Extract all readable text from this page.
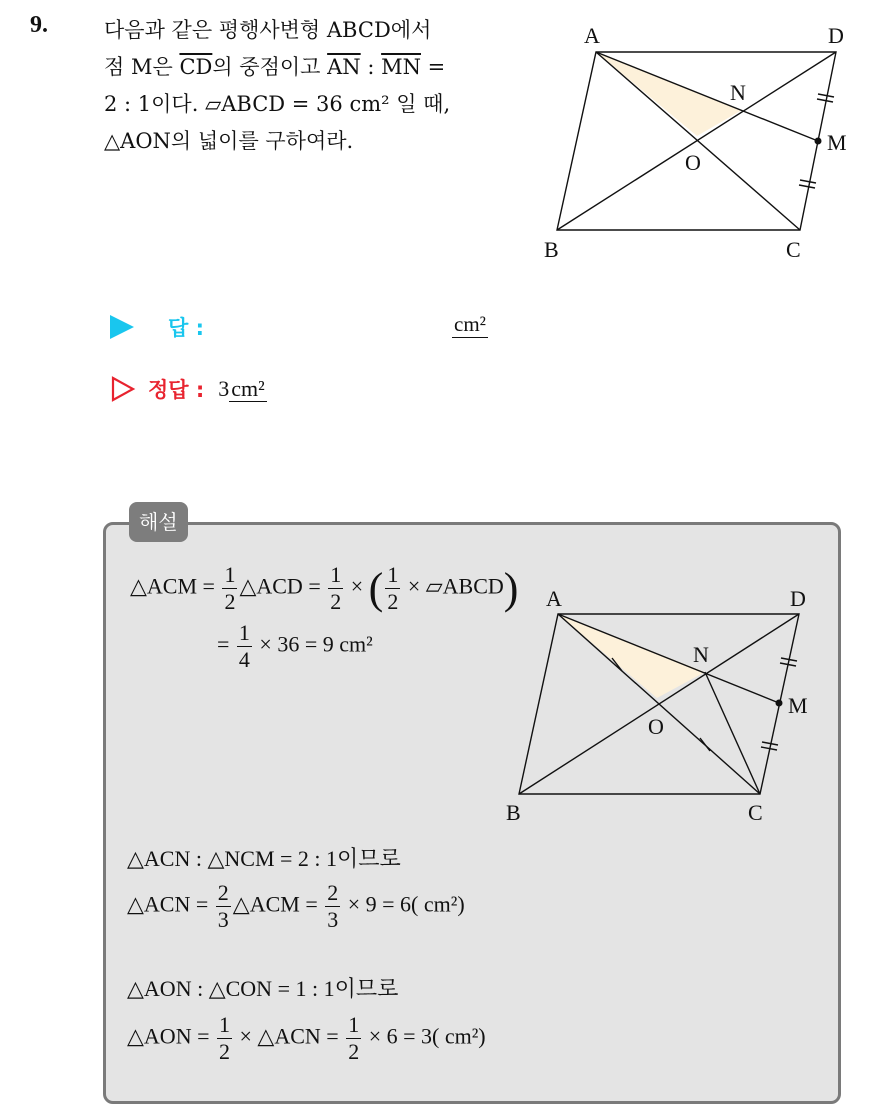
9.	다음과 같은 평행사변형 ABCD에서
점 M은 $\overline{CD}$의 중점이고 $\overline{AN}$ : $\overline{MN}$ =
2 : 1이다. ▱ABCD = 36 cm² 일 때,
△AON의 넓이를 구하여라.
A	D
N
M
O
B	C
답 :	cm²
정답 : 3cm²
해설
△ACM = $\frac{1}{2}$ △ACD = $\frac{1}{2}$ × ( $\frac{1}{2}$ × ▱ABCD)
= $\frac{1}{4} \times 36 = 9$ cm²
A	D
N
M
O
B	C
△ACN : △NCM = 2 : 1이므로
△ACN = $\frac{2}{3}$ △ACM = $\frac{2}{3} \times 9 = 6$( cm²)
△AON : △CON = 1 : 1이므로
△AON = $\frac{1}{2}$ × △ACN = $\frac{1}{2} \times 6 = 3$( cm²)
